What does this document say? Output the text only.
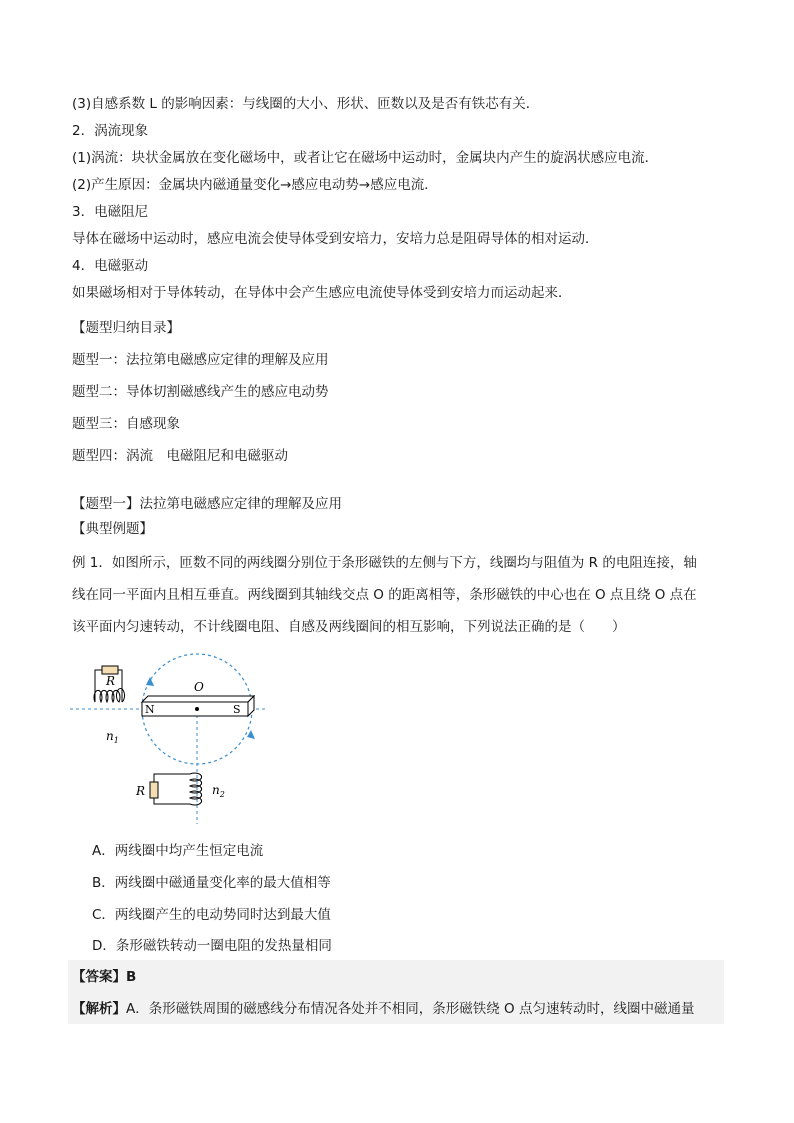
(3)自感系数 L 的影响因素：与线圈的大小、形状、匝数以及是否有铁芯有关．
2．涡流现象
(1)涡流：块状金属放在变化磁场中，或者让它在磁场中运动时，金属块内产生的旋涡状感应电流．
(2)产生原因：金属块内磁通量变化→感应电动势→感应电流．
3．电磁阻尼
导体在磁场中运动时，感应电流会使导体受到安培力，安培力总是阻碍导体的相对运动．
4．电磁驱动
如果磁场相对于导体转动，在导体中会产生感应电流使导体受到安培力而运动起来．
【题型归纳目录】
题型一：法拉第电磁感应定律的理解及应用
题型二：导体切割磁感线产生的感应电动势
题型三：自感现象
题型四：涡流　电磁阻尼和电磁驱动
【题型一】法拉第电磁感应定律的理解及应用
【典型例题】
例 1．如图所示，匝数不同的两线圈分别位于条形磁铁的左侧与下方，线圈均与阻值为 R 的电阻连接，轴
线在同一平面内且相互垂直。两线圈到其轴线交点 O 的距离相等，条形磁铁的中心也在 O 点且绕 O 点在
该平面内匀速转动，不计线圈电阻、自感及两线圈间的相互影响，下列说法正确的是（　　）
N	S
O
R
$n_1$
R	$n_2$
A．两线圈中均产生恒定电流
B．两线圈中磁通量变化率的最大值相等
C．两线圈产生的电动势同时达到最大值
D．条形磁铁转动一圈电阻的发热量相同
【答案】B
【解析】A．条形磁铁周围的磁感线分布情况各处并不相同，条形磁铁绕 O 点匀速转动时，线圈中磁通量
